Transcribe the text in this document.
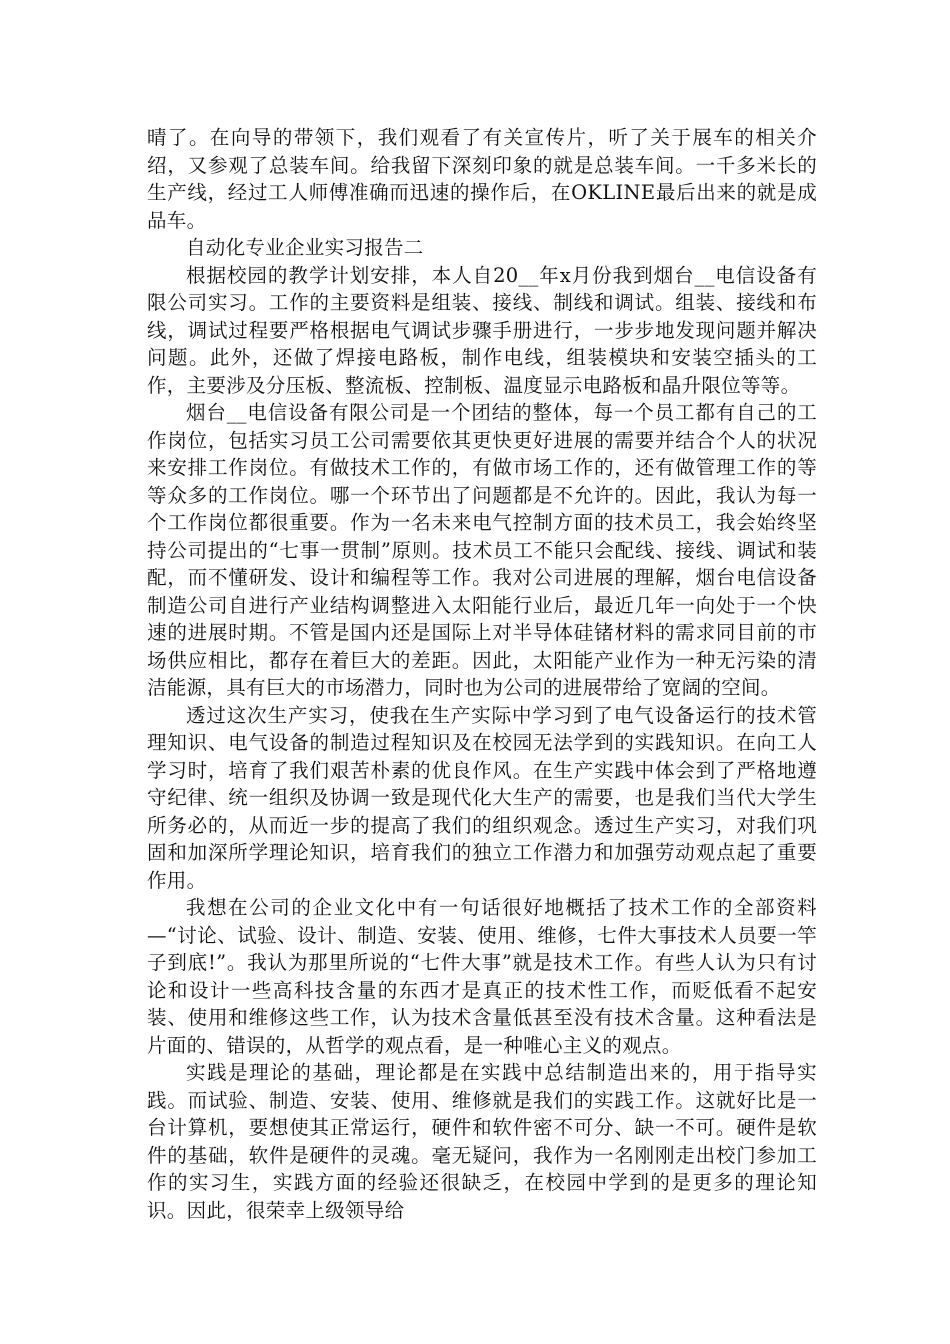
晴了。在向导的带领下，我们观看了有关宣传片，听了关于展车的相关介绍，又参观了总装车间。给我留下深刻印象的就是总装车间。一千多米长的生产线，经过工人师傅准确而迅速的操作后，在OKLINE最后出来的就是成品车。

自动化专业企业实习报告二

根据校园的教学计划安排，本人自20__年x月份我到烟台__电信设备有限公司实习。工作的主要资料是组装、接线、制线和调试。组装、接线和布线，调试过程要严格根据电气调试步骤手册进行，一步步地发现问题并解决问题。此外，还做了焊接电路板，制作电线，组装模块和安装空插头的工作，主要涉及分压板、整流板、控制板、温度显示电路板和晶升限位等等。

烟台__电信设备有限公司是一个团结的整体，每一个员工都有自己的工作岗位，包括实习员工公司需要依其更快更好进展的需要并结合个人的状况来安排工作岗位。有做技术工作的，有做市场工作的，还有做管理工作的等等众多的工作岗位。哪一个环节出了问题都是不允许的。因此，我认为每一个工作岗位都很重要。作为一名未来电气控制方面的技术员工，我会始终坚持公司提出的“七事一贯制”原则。技术员工不能只会配线、接线、调试和装配，而不懂研发、设计和编程等工作。我对公司进展的理解，烟台电信设备制造公司自进行产业结构调整进入太阳能行业后，最近几年一向处于一个快速的进展时期。不管是国内还是国际上对半导体硅锗材料的需求同目前的市场供应相比，都存在着巨大的差距。因此，太阳能产业作为一种无污染的清洁能源，具有巨大的市场潜力，同时也为公司的进展带给了宽阔的空间。

透过这次生产实习，使我在生产实际中学习到了电气设备运行的技术管理知识、电气设备的制造过程知识及在校园无法学到的实践知识。在向工人学习时，培育了我们艰苦朴素的优良作风。在生产实践中体会到了严格地遵守纪律、统一组织及协调一致是现代化大生产的需要，也是我们当代大学生所务必的，从而近一步的提高了我们的组织观念。透过生产实习，对我们巩固和加深所学理论知识，培育我们的独立工作潜力和加强劳动观点起了重要作用。

我想在公司的企业文化中有一句话很好地概括了技术工作的全部资料—“讨论、试验、设计、制造、安装、使用、维修，七件大事技术人员要一竿子到底!”。我认为那里所说的“七件大事”就是技术工作。有些人认为只有讨论和设计一些高科技含量的东西才是真正的技术性工作，而贬低看不起安装、使用和维修这些工作，认为技术含量低甚至没有技术含量。这种看法是片面的、错误的，从哲学的观点看，是一种唯心主义的观点。

实践是理论的基础，理论都是在实践中总结制造出来的，用于指导实践。而试验、制造、安装、使用、维修就是我们的实践工作。这就好比是一台计算机，要想使其正常运行，硬件和软件密不可分、缺一不可。硬件是软件的基础，软件是硬件的灵魂。毫无疑问，我作为一名刚刚走出校门参加工作的实习生，实践方面的经验还很缺乏，在校园中学到的是更多的理论知识。因此，很荣幸上级领导给
